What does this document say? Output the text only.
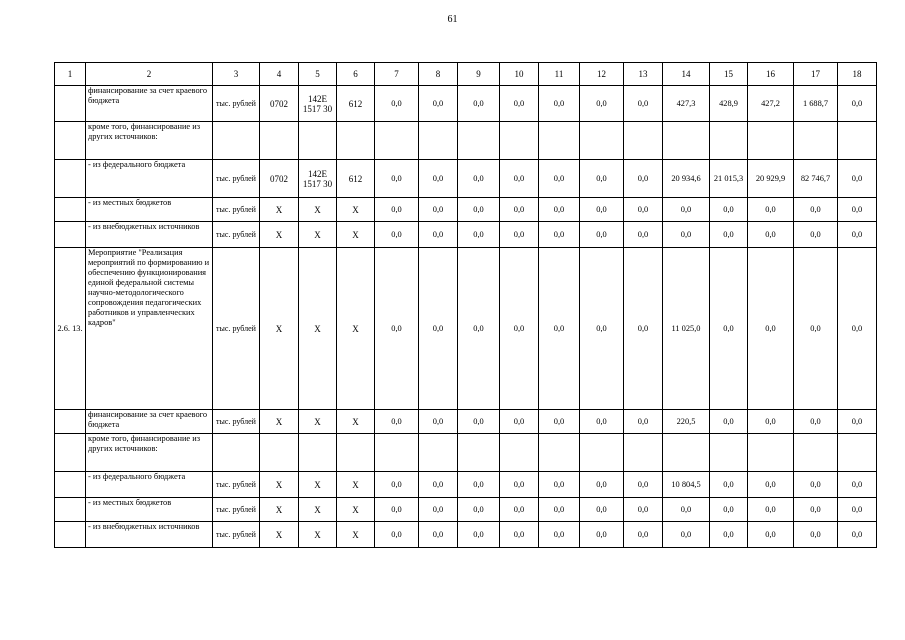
61
1	2	3	4	5	6	7	8	9	10	11	12	13	14	15	16	17	18
	финансирование за счет краевого бюджета	тыс. рублей	0702	142Е 1517 30	612	0,0	0,0	0,0	0,0	0,0	0,0	0,0	427,3	428,9	427,2	1 688,7	0,0
	кроме того, финансирование из других источников:																
	- из федерального бюджета	тыс. рублей	0702	142Е 1517 30	612	0,0	0,0	0,0	0,0	0,0	0,0	0,0	20 934,6	21 015,3	20 929,9	82 746,7	0,0
	- из местных бюджетов	тыс. рублей	Х	Х	Х	0,0	0,0	0,0	0,0	0,0	0,0	0,0	0,0	0,0	0,0	0,0	0,0
	- из внебюджетных источников	тыс. рублей	Х	Х	Х	0,0	0,0	0,0	0,0	0,0	0,0	0,0	0,0	0,0	0,0	0,0	0,0
2.6. 13.	Мероприятие "Реализация мероприятий по формированию и обеспечению функционирования единой федеральной системы научно-методологического сопровождения педагогических работников и управленческих кадров"	тыс. рублей	Х	Х	Х	0,0	0,0	0,0	0,0	0,0	0,0	0,0	11 025,0	0,0	0,0	0,0	0,0
	финансирование за счет краевого бюджета	тыс. рублей	Х	Х	Х	0,0	0,0	0,0	0,0	0,0	0,0	0,0	220,5	0,0	0,0	0,0	0,0
	кроме того, финансирование из других источников:																
	- из федерального бюджета	тыс. рублей	Х	Х	Х	0,0	0,0	0,0	0,0	0,0	0,0	0,0	10 804,5	0,0	0,0	0,0	0,0
	- из местных бюджетов	тыс. рублей	Х	Х	Х	0,0	0,0	0,0	0,0	0,0	0,0	0,0	0,0	0,0	0,0	0,0	0,0
	- из внебюджетных источников	тыс. рублей	Х	Х	Х	0,0	0,0	0,0	0,0	0,0	0,0	0,0	0,0	0,0	0,0	0,0	0,0
